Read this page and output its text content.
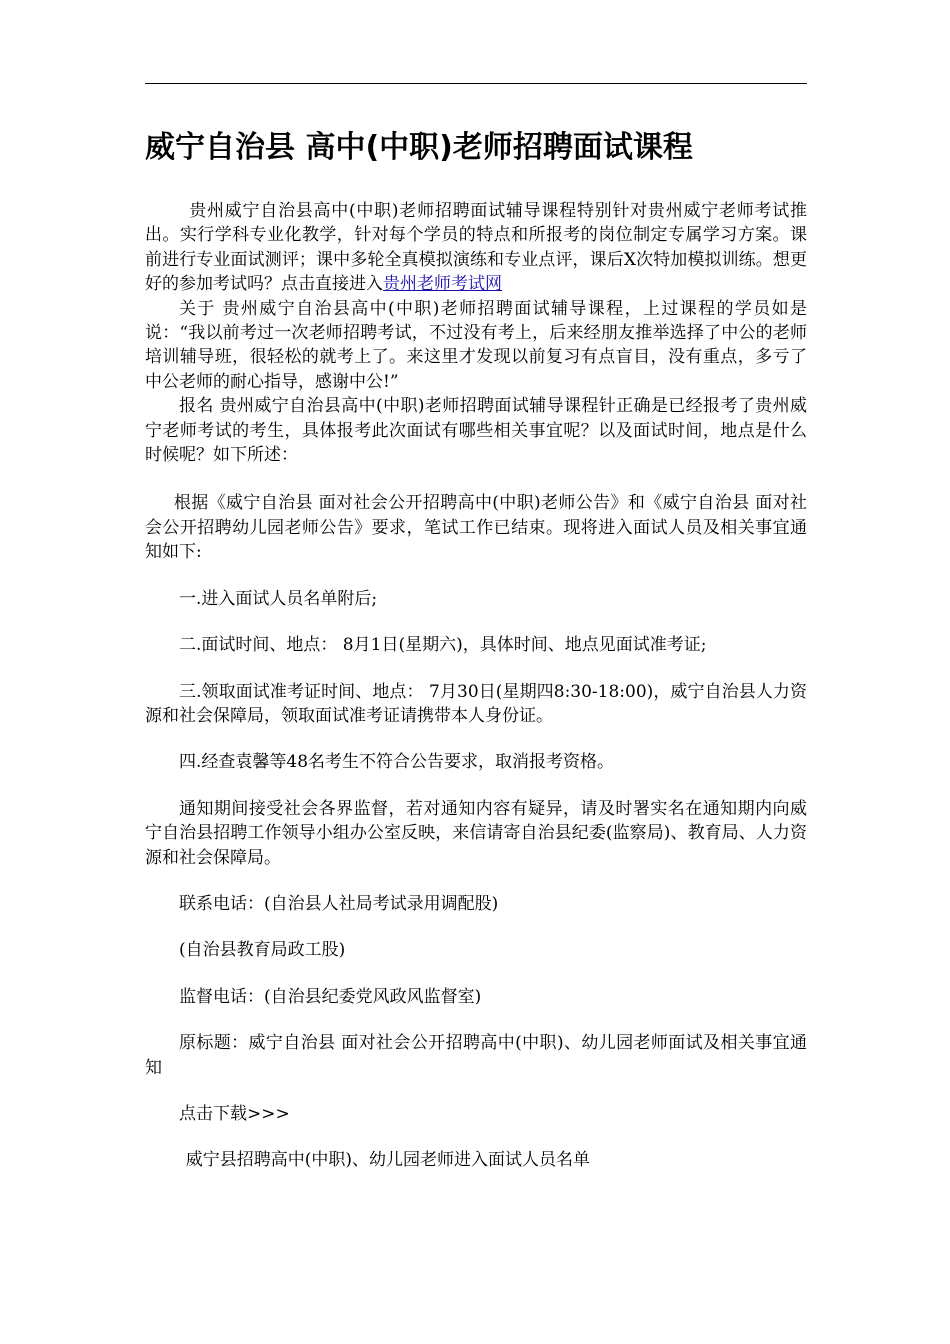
威宁自治县 高中(中职)老师招聘面试课程

贵州威宁自治县高中(中职)老师招聘面试辅导课程特别针对贵州威宁老师考试推出。实行学科专业化教学，针对每个学员的特点和所报考的岗位制定专属学习方案。课前进行专业面试测评；课中多轮全真模拟演练和专业点评，课后X次特加模拟训练。想更好的参加考试吗？点击直接进入贵州老师考试网

关于 贵州威宁自治县高中(中职)老师招聘面试辅导课程，上过课程的学员如是说：“我以前考过一次老师招聘考试，不过没有考上，后来经朋友推举选择了中公的老师培训辅导班，很轻松的就考上了。来这里才发现以前复习有点盲目，没有重点，多亏了中公老师的耐心指导，感谢中公!”

报名 贵州威宁自治县高中(中职)老师招聘面试辅导课程针正确是已经报考了贵州威宁老师考试的考生，具体报考此次面试有哪些相关事宜呢？以及面试时间，地点是什么时候呢？如下所述：

根据《威宁自治县 面对社会公开招聘高中(中职)老师公告》和《威宁自治县 面对社会公开招聘幼儿园老师公告》要求，笔试工作已结束。现将进入面试人员及相关事宜通知如下:

一.进入面试人员名单附后;

二.面试时间、地点： 8月1日(星期六)，具体时间、地点见面试准考证;

三.领取面试准考证时间、地点： 7月30日(星期四8:30-18:00)，威宁自治县人力资源和社会保障局，领取面试准考证请携带本人身份证。

四.经查袁馨等48名考生不符合公告要求，取消报考资格。

通知期间接受社会各界监督，若对通知内容有疑异，请及时署实名在通知期内向威宁自治县招聘工作领导小组办公室反映，来信请寄自治县纪委(监察局)、教育局、人力资源和社会保障局。

联系电话：(自治县人社局考试录用调配股)

(自治县教育局政工股)

监督电话：(自治县纪委党风政风监督室)

原标题：威宁自治县 面对社会公开招聘高中(中职)、幼儿园老师面试及相关事宜通知

点击下载>>>

威宁县招聘高中(中职)、幼儿园老师进入面试人员名单
